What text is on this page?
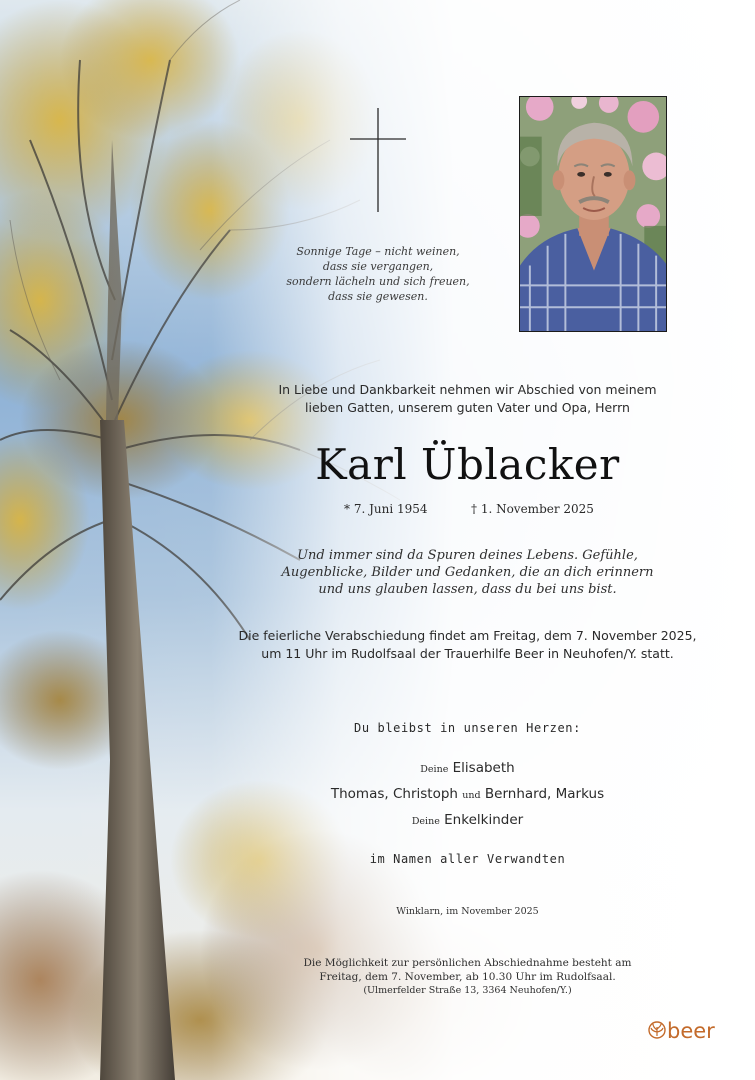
Sonnige Tage – nicht weinen,
dass sie vergangen,
sondern lächeln und sich freuen,
dass sie gewesen.
In Liebe und Dankbarkeit nehmen wir Abschied von meinem
lieben Gatten, unserem guten Vater und Opa, Herrn
Karl Üblacker
* 7. Juni 1954	† 1. November 2025
Und immer sind da Spuren deines Lebens. Gefühle,
Augenblicke, Bilder und Gedanken, die an dich erinnern
und uns glauben lassen, dass du bei uns bist.
Die feierliche Verabschiedung findet am Freitag, dem 7. November 2025,
um 11 Uhr im Rudolfsaal der Trauerhilfe Beer in Neuhofen/Y. statt.
Du bleibst in unseren Herzen:
Deine Elisabeth
Thomas, Christoph und Bernhard, Markus
Deine Enkelkinder
im Namen aller Verwandten
Winklarn, im November 2025
Die Möglichkeit zur persönlichen Abschiednahme besteht am
Freitag, dem 7. November, ab 10.30 Uhr im Rudolfsaal.
(Ulmerfelder Straße 13, 3364 Neuhofen/Y.)
beer
